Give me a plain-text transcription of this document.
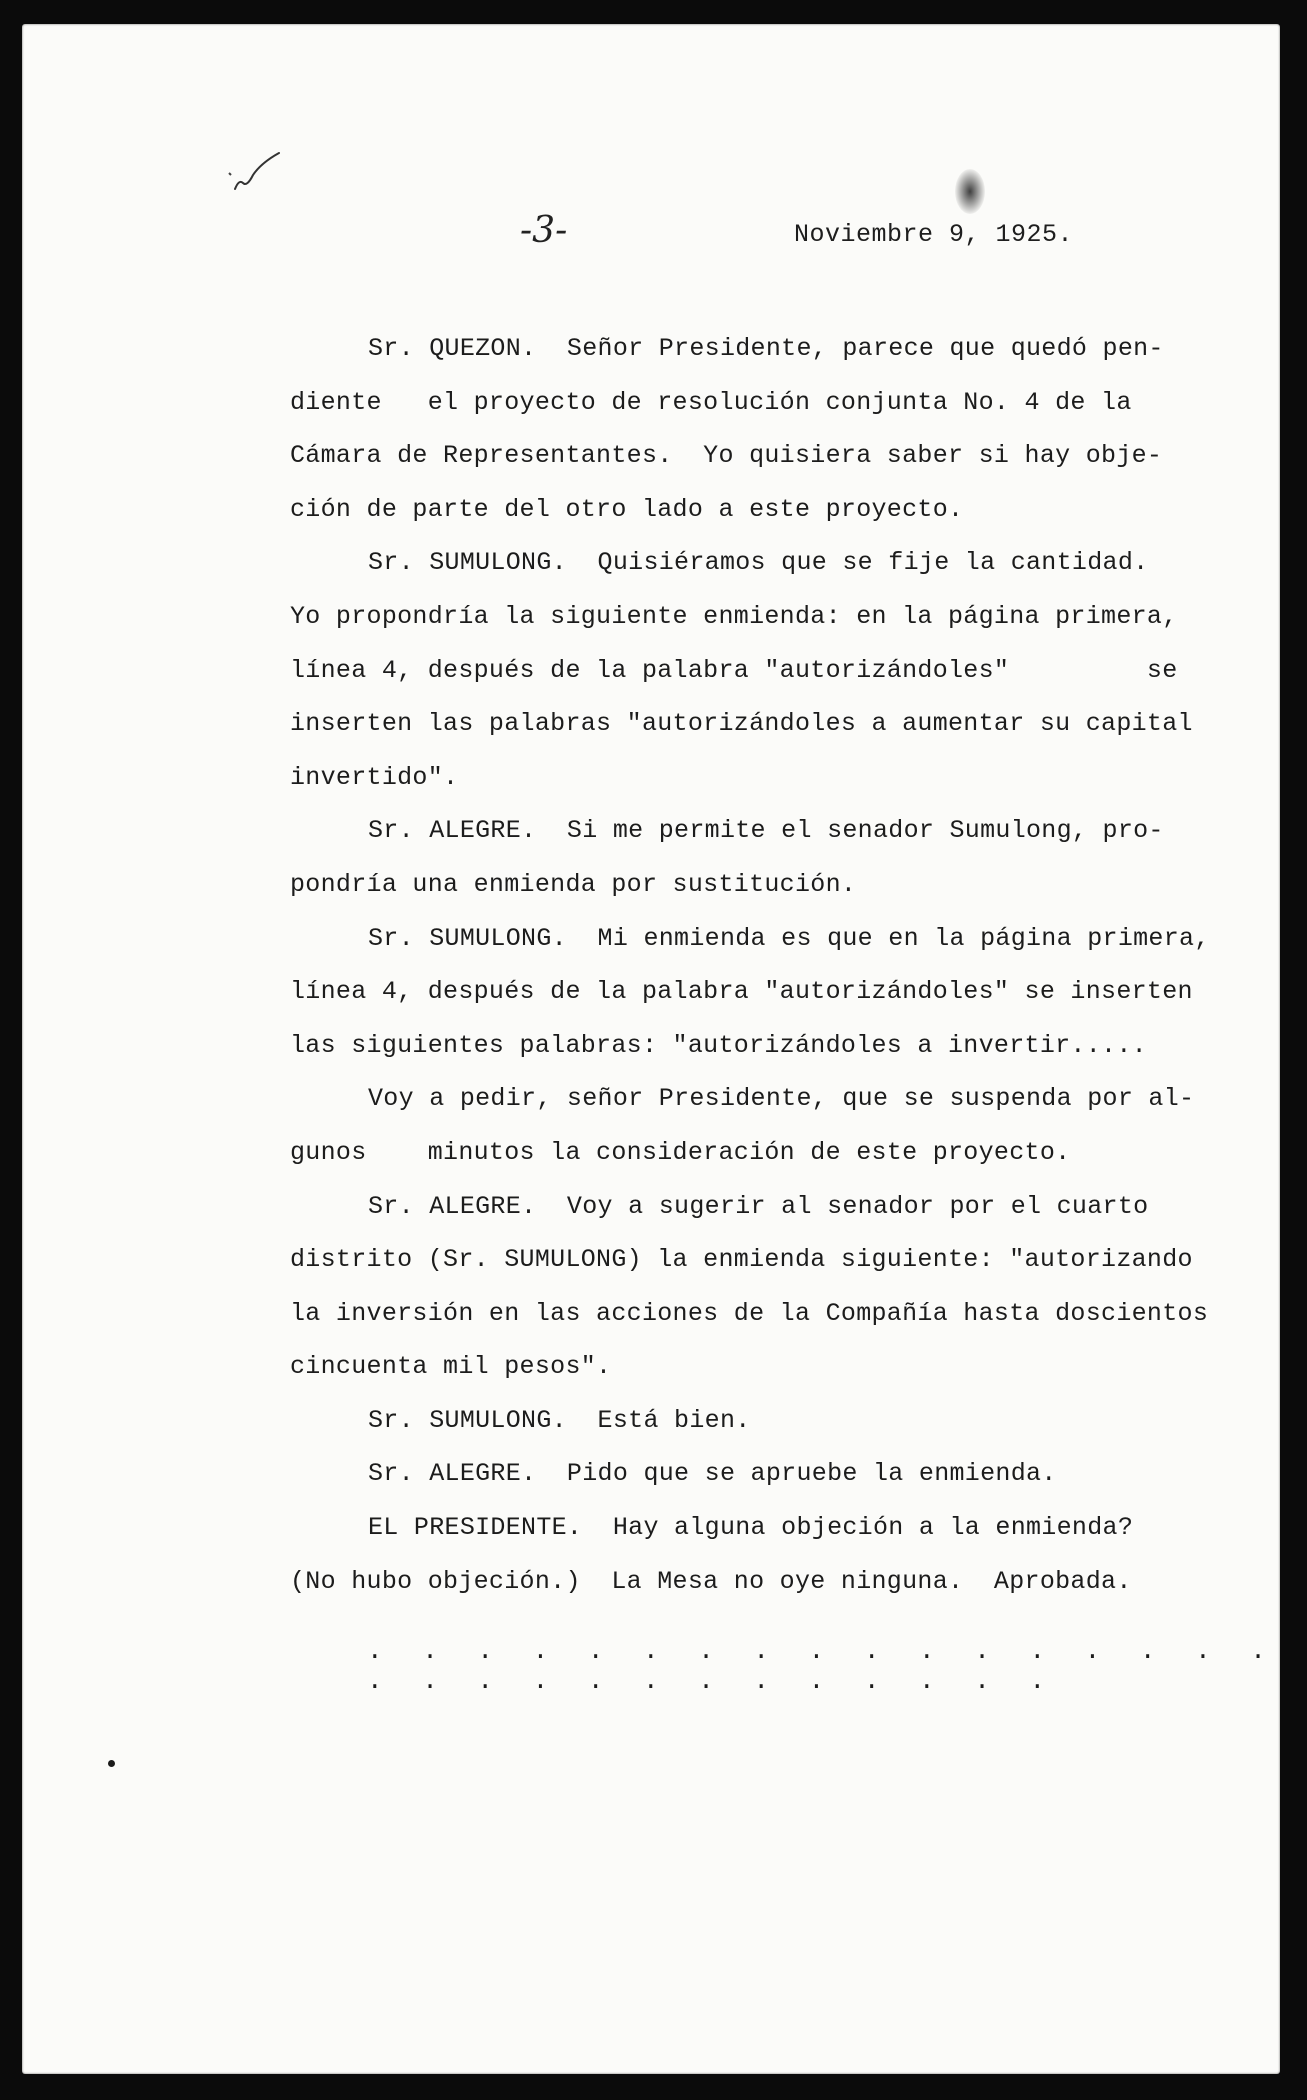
-3-	Noviembre 9, 1925.
Sr. QUEZON.  Señor Presidente, parece que quedó pen-
diente   el proyecto de resolución conjunta No. 4 de la
Cámara de Representantes.  Yo quisiera saber si hay obje-
ción de parte del otro lado a este proyecto.
Sr. SUMULONG.  Quisiéramos que se fije la cantidad.
Yo propondría la siguiente enmienda: en la página primera,
línea 4, después de la palabra "autorizándoles"         se
inserten las palabras "autorizándoles a aumentar su capital
invertido".
Sr. ALEGRE.  Si me permite el senador Sumulong, pro-
pondría una enmienda por sustitución.
Sr. SUMULONG.  Mi enmienda es que en la página primera,
línea 4, después de la palabra "autorizándoles" se inserten
las siguientes palabras: "autorizándoles a invertir.....
Voy a pedir, señor Presidente, que se suspenda por al-
gunos    minutos la consideración de este proyecto.
Sr. ALEGRE.  Voy a sugerir al senador por el cuarto
distrito (Sr. SUMULONG) la enmienda siguiente: "autorizando
la inversión en las acciones de la Compañía hasta doscientos
cincuenta mil pesos".
Sr. SUMULONG.  Está bien.
Sr. ALEGRE.  Pido que se apruebe la enmienda.
EL PRESIDENTE.  Hay alguna objeción a la enmienda?
(No hubo objeción.)  La Mesa no oye ninguna.  Aprobada.
. . . . . . . . . . . . . . . . . . . . . . . . . . . . . .
